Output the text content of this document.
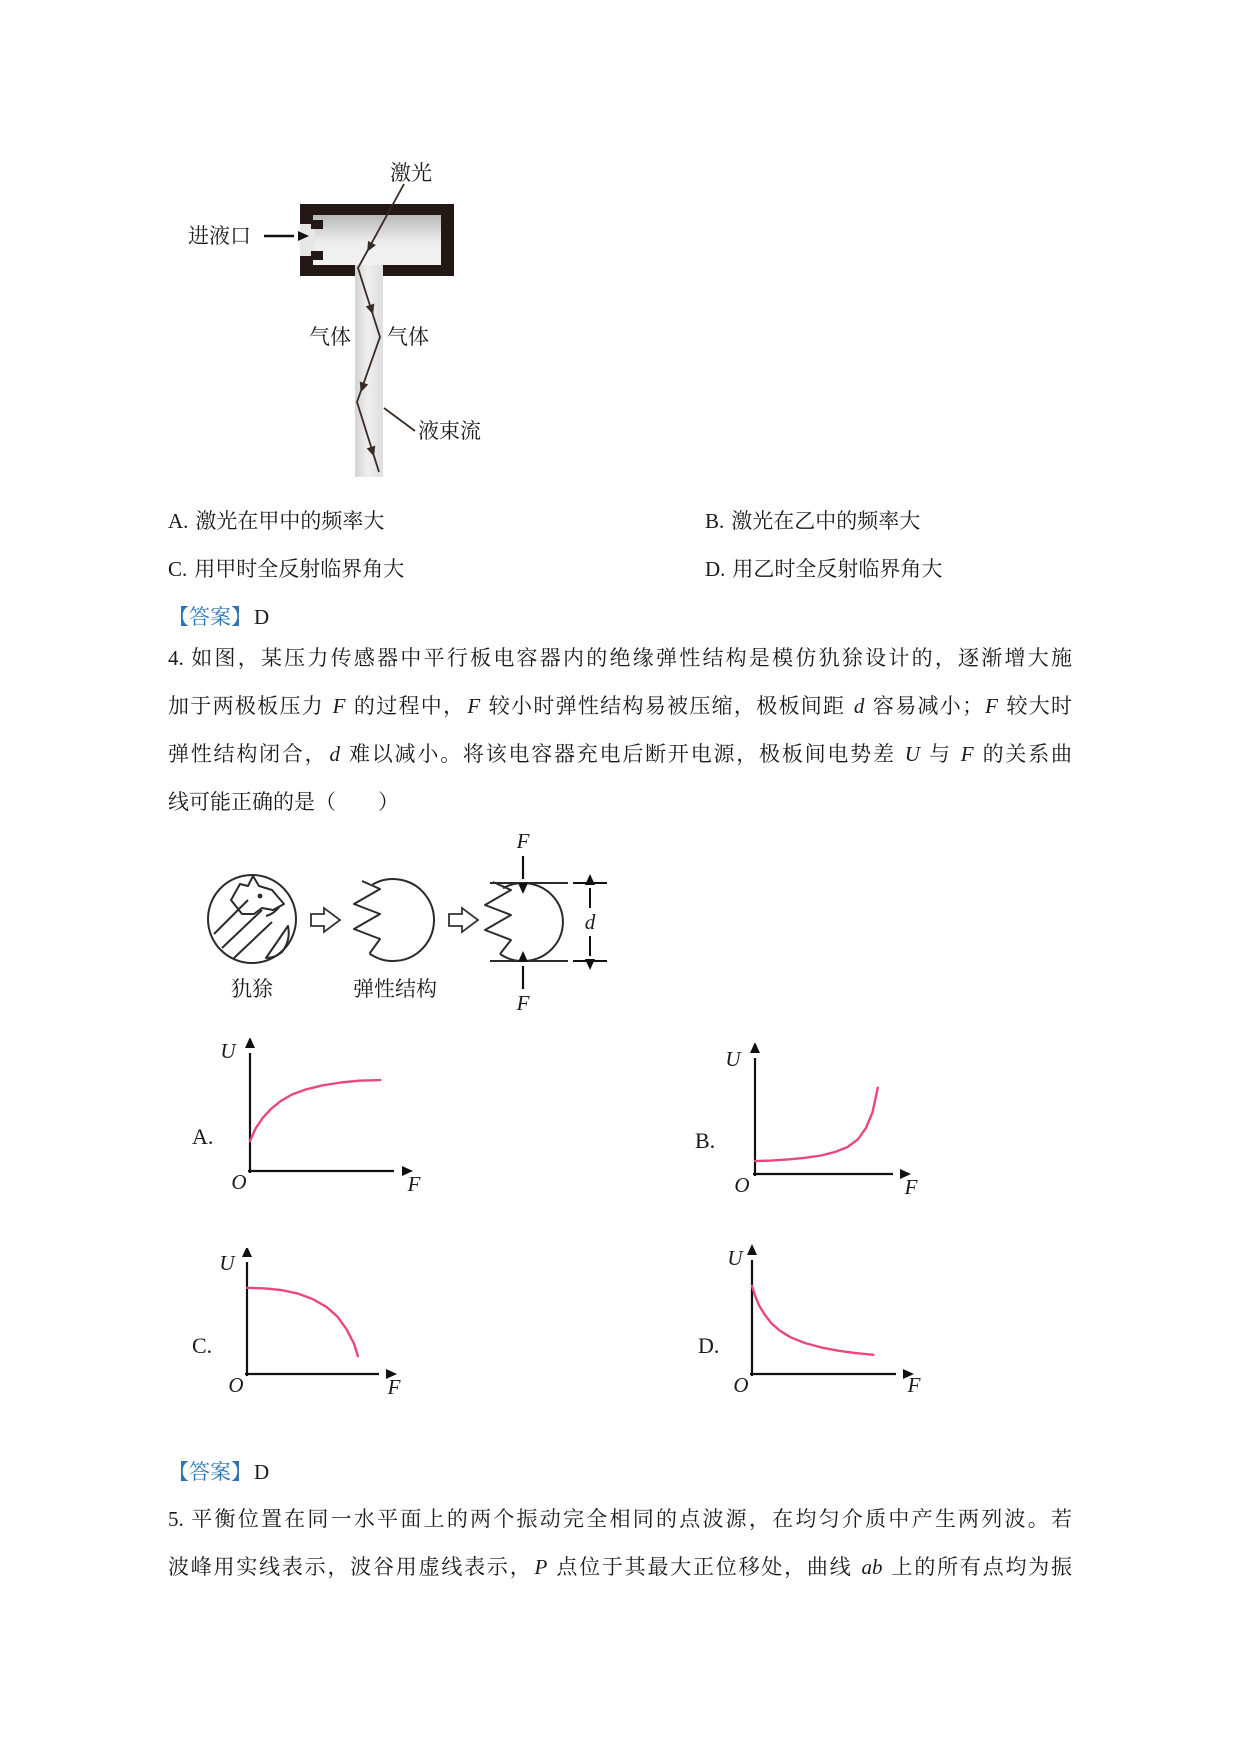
激光
进液口
气体 气体
液束流
A. 激光在甲中的频率大	B. 激光在乙中的频率大
C. 用甲时全反射临界角大	D. 用乙时全反射临界角大
【答案】D
4. 如图，某压力传感器中平行板电容器内的绝缘弹性结构是模仿犰狳设计的，逐渐增大施
加于两极板压力 F 的过程中，F 较小时弹性结构易被压缩，极板间距 d 容易减小；F 较大时
弹性结构闭合，d 难以减小。将该电容器充电后断开电源，极板间电势差 U 与 F 的关系曲
线可能正确的是（　　）
犰狳	弹性结构
F
F
d
A.
U
F
O
B.
U
F
O
C.
U
F
O
D.
U
F
O
【答案】D
5. 平衡位置在同一水平面上的两个振动完全相同的点波源，在均匀介质中产生两列波。若
波峰用实线表示，波谷用虚线表示，P 点位于其最大正位移处，曲线 ab 上的所有点均为振
